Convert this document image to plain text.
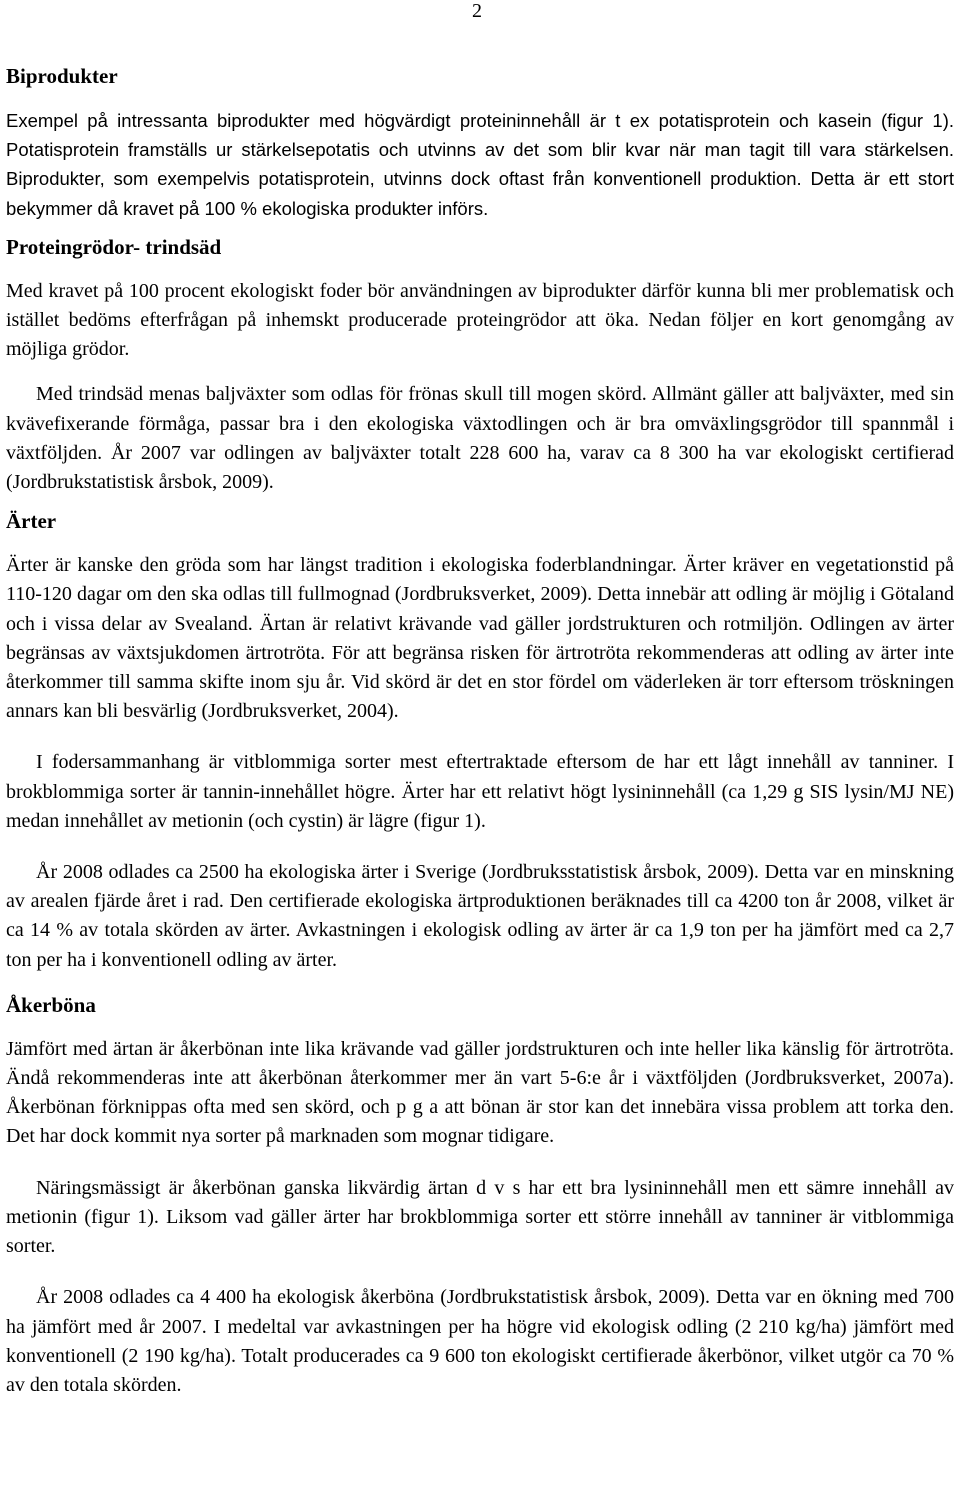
2
Biprodukter

Exempel på intressanta biprodukter med högvärdigt proteininnehåll är t ex potatisprotein och kasein (figur 1). Potatisprotein framställs ur stärkelsepotatis och utvinns av det som blir kvar när man tagit till vara stärkelsen. Biprodukter, som exempelvis potatisprotein, utvinns dock oftast från konventionell produktion. Detta är ett stort bekymmer då kravet på 100 % ekologiska produkter införs.

Proteingrödor- trindsäd

Med kravet på 100 procent ekologiskt foder bör användningen av biprodukter därför kunna bli mer problematisk och istället bedöms efterfrågan på inhemskt producerade proteingrödor att öka. Nedan följer en kort genomgång av möjliga grödor.

Med trindsäd menas baljväxter som odlas för frönas skull till mogen skörd. Allmänt gäller att baljväxter, med sin kvävefixerande förmåga, passar bra i den ekologiska växtodlingen och är bra omväxlingsgrödor till spannmål i växtföljden. År 2007 var odlingen av baljväxter totalt 228 600 ha, varav ca 8 300 ha var ekologiskt certifierad (Jordbrukstatistisk årsbok, 2009).

Ärter

Ärter är kanske den gröda som har längst tradition i ekologiska foderblandningar. Ärter kräver en vegetationstid på 110-120 dagar om den ska odlas till fullmognad (Jordbruksverket, 2009). Detta innebär att odling är möjlig i Götaland och i vissa delar av Svealand. Ärtan är relativt krävande vad gäller jordstrukturen och rotmiljön. Odlingen av ärter begränsas av växtsjukdomen ärtrotröta. För att begränsa risken för ärtrotröta rekommenderas att odling av ärter inte återkommer till samma skifte inom sju år. Vid skörd är det en stor fördel om väderleken är torr eftersom tröskningen annars kan bli besvärlig (Jordbruksverket, 2004).

I fodersammanhang är vitblommiga sorter mest eftertraktade eftersom de har ett lågt innehåll av tanniner. I brokblommiga sorter är tannin-innehållet högre. Ärter har ett relativt högt lysininnehåll (ca 1,29 g SIS lysin/MJ NE) medan innehållet av metionin (och cystin) är lägre (figur 1).

År 2008 odlades ca 2500 ha ekologiska ärter i Sverige (Jordbruksstatistisk årsbok, 2009). Detta var en minskning av arealen fjärde året i rad. Den certifierade ekologiska ärtproduktionen beräknades till ca 4200 ton år 2008, vilket är ca 14 % av totala skörden av ärter. Avkastningen i ekologisk odling av ärter är ca 1,9 ton per ha jämfört med ca 2,7 ton per ha i konventionell odling av ärter.

Åkerböna

Jämfört med ärtan är åkerbönan inte lika krävande vad gäller jordstrukturen och inte heller lika känslig för ärtrotröta. Ändå rekommenderas inte att åkerbönan återkommer mer än vart 5-6:e år i växtföljden (Jordbruksverket, 2007a). Åkerbönan förknippas ofta med sen skörd, och p g a att bönan är stor kan det innebära vissa problem att torka den. Det har dock kommit nya sorter på marknaden som mognar tidigare.

Näringsmässigt är åkerbönan ganska likvärdig ärtan d v s har ett bra lysininnehåll men ett sämre innehåll av metionin (figur 1). Liksom vad gäller ärter har brokblommiga sorter ett större innehåll av tanniner är vitblommiga sorter.

År 2008 odlades ca 4 400 ha ekologisk åkerböna (Jordbrukstatistisk årsbok, 2009). Detta var en ökning med 700 ha jämfört med år 2007. I medeltal var avkastningen per ha högre vid ekologisk odling (2 210 kg/ha) jämfört med konventionell (2 190 kg/ha). Totalt producerades ca 9 600 ton ekologiskt certifierade åkerbönor, vilket utgör ca 70 % av den totala skörden.
